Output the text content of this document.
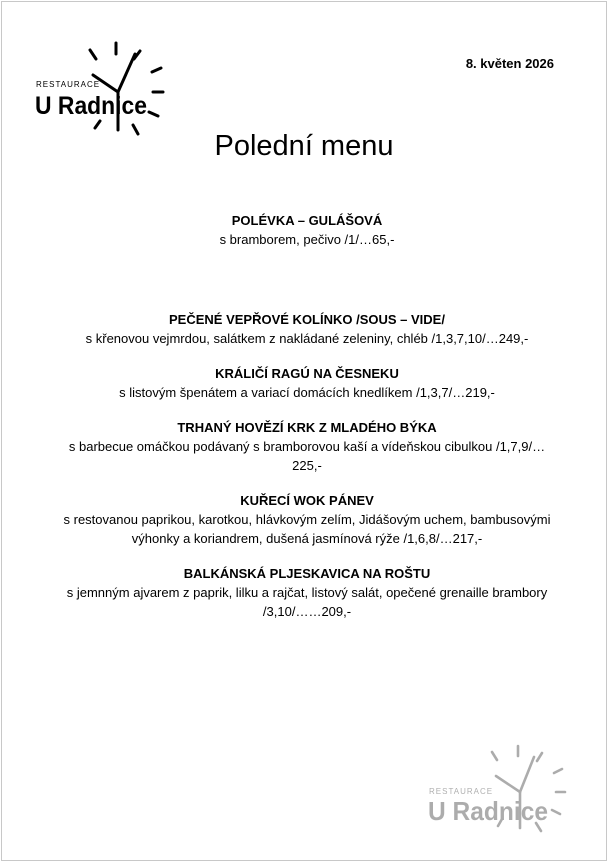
RESTAURACE
U Radnice
8. květen 2026
Polední menu
POLÉVKA – GULÁŠOVÁ
s bramborem, pečivo /1/…65,-
PEČENÉ VEPŘOVÉ KOLÍNKO /SOUS – VIDE/
s křenovou vejmrdou, salátkem z nakládané zeleniny, chléb /1,3,7,10/…249,-
KRÁLIČÍ RAGÚ NA ČESNEKU
s listovým špenátem a variací domácích knedlíkem /1,3,7/…219,-
TRHANÝ HOVĚZÍ KRK Z MLADÉHO BÝKA
s barbecue omáčkou podávaný s bramborovou kaší a vídeňskou cibulkou /1,7,9/…225,-
KUŘECÍ WOK PÁNEV
s restovanou paprikou, karotkou, hlávkovým zelím, Jidášovým uchem, bambusovými výhonky a koriandrem, dušená jasmínová rýže /1,6,8/…217,-
BALKÁNSKÁ PLJESKAVICA NA ROŠTU
s jemnným ajvarem z paprik, lilku a rajčat, listový salát, opečené grenaille brambory /3,10/……209,-
RESTAURACE
U Radnice
